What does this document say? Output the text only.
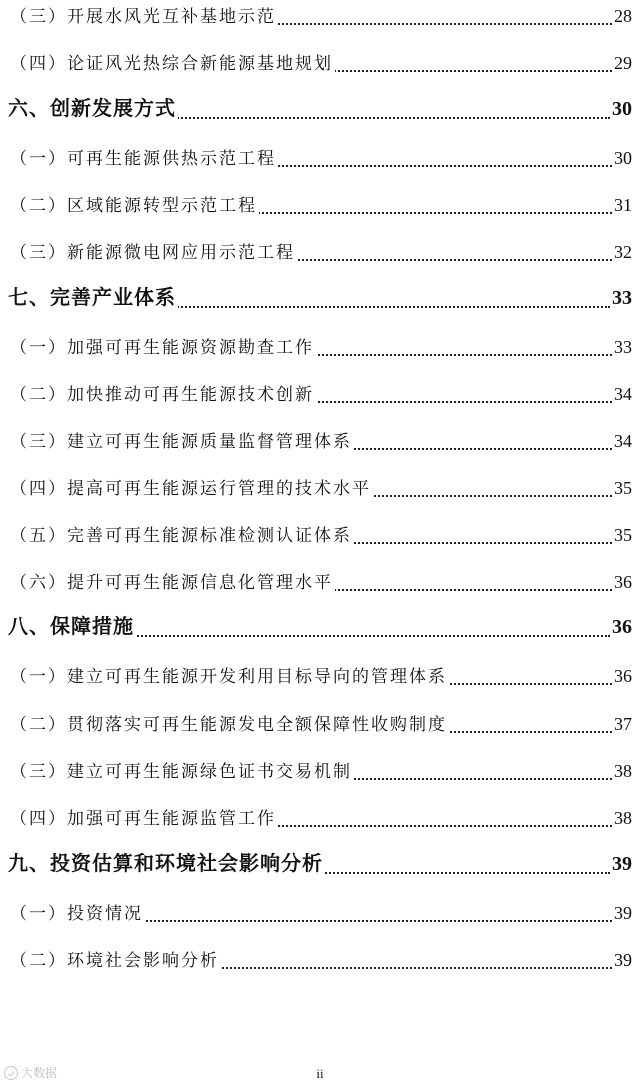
（三）开展水风光互补基地示范	28
（四）论证风光热综合新能源基地规划	29
六、创新发展方式	30
（一）可再生能源供热示范工程	30
（二）区域能源转型示范工程	31
（三）新能源微电网应用示范工程	32
七、完善产业体系	33
（一）加强可再生能源资源勘查工作	33
（二）加快推动可再生能源技术创新	34
（三）建立可再生能源质量监督管理体系	34
（四）提高可再生能源运行管理的技术水平	35
（五）完善可再生能源标准检测认证体系	35
（六）提升可再生能源信息化管理水平	36
八、保障措施	36
（一）建立可再生能源开发利用目标导向的管理体系	36
（二）贯彻落实可再生能源发电全额保障性收购制度	37
（三）建立可再生能源绿色证书交易机制	38
（四）加强可再生能源监管工作	38
九、投资估算和环境社会影响分析	39
（一）投资情况	39
（二）环境社会影响分析	39
大数据	ii
